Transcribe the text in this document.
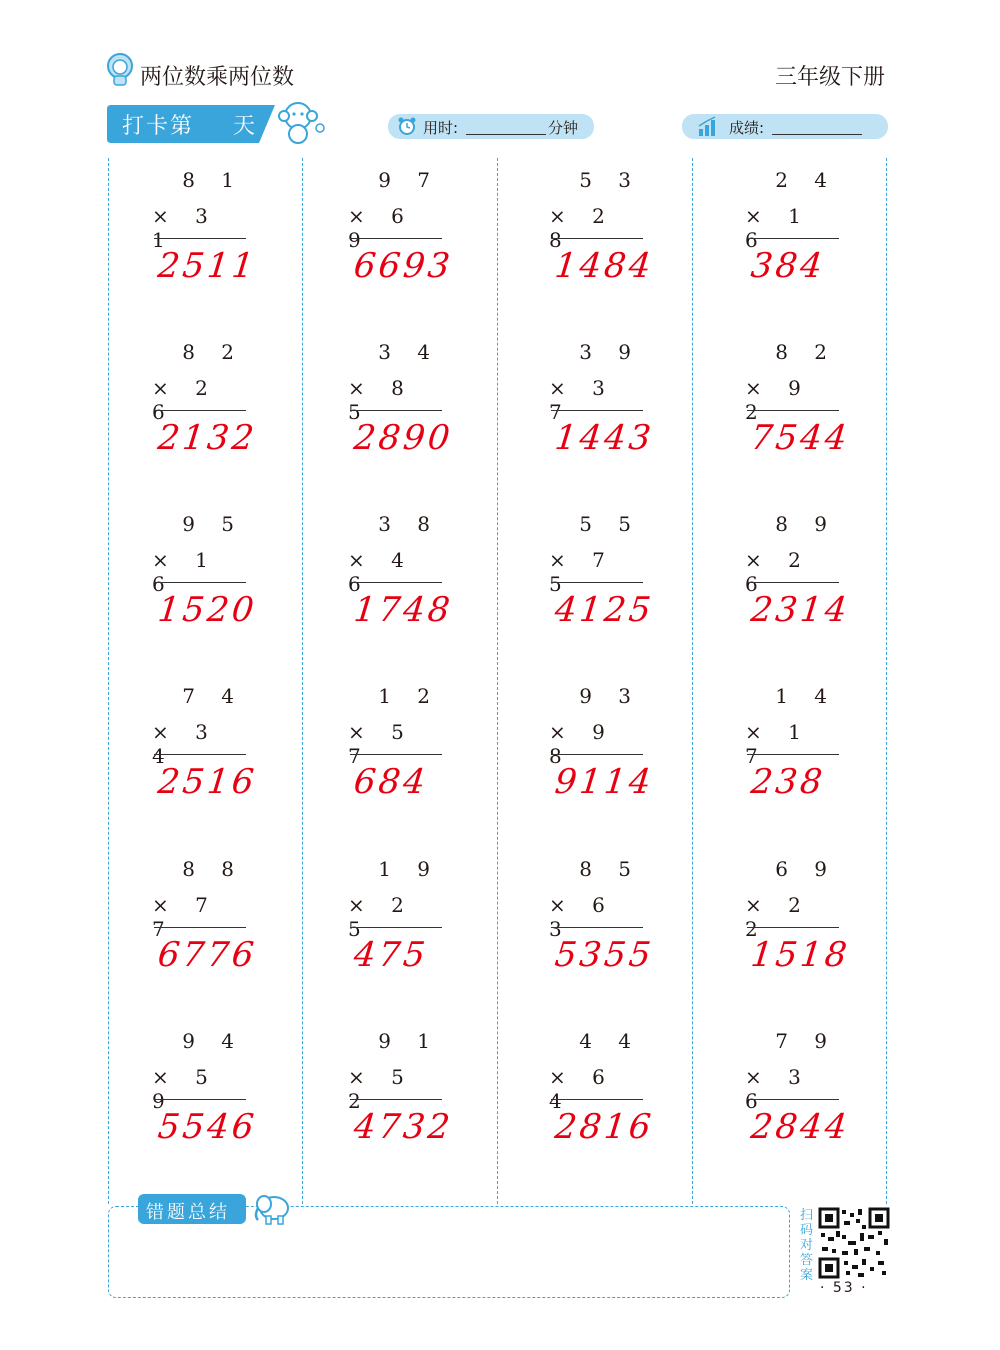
两位数乘两位数	三年级下册
打卡第 天	用时:	分钟	成绩:
8 1
× 3 1
2511
9 7
× 6 9
6693
5 3
× 2 8
1484
2 4
× 1 6
384
8 2
× 2 6
2132
3 4
× 8 5
2890
3 9
× 3 7
1443
8 2
× 9 2
7544
9 5
× 1 6
1520
3 8
× 4 6
1748
5 5
× 7 5
4125
8 9
× 2 6
2314
7 4
× 3 4
2516
1 2
× 5 7
684
9 3
× 9 8
9114
1 4
× 1 7
238
8 8
× 7 7
6776
1 9
× 2 5
475
8 5
× 6 3
5355
6 9
× 2 2
1518
9 4
× 5 9
5546
9 1
× 5 2
4732
4 4
× 6 4
2816
7 9
× 3 6
2844
错题总结	扫码对答案
· 53 ·
